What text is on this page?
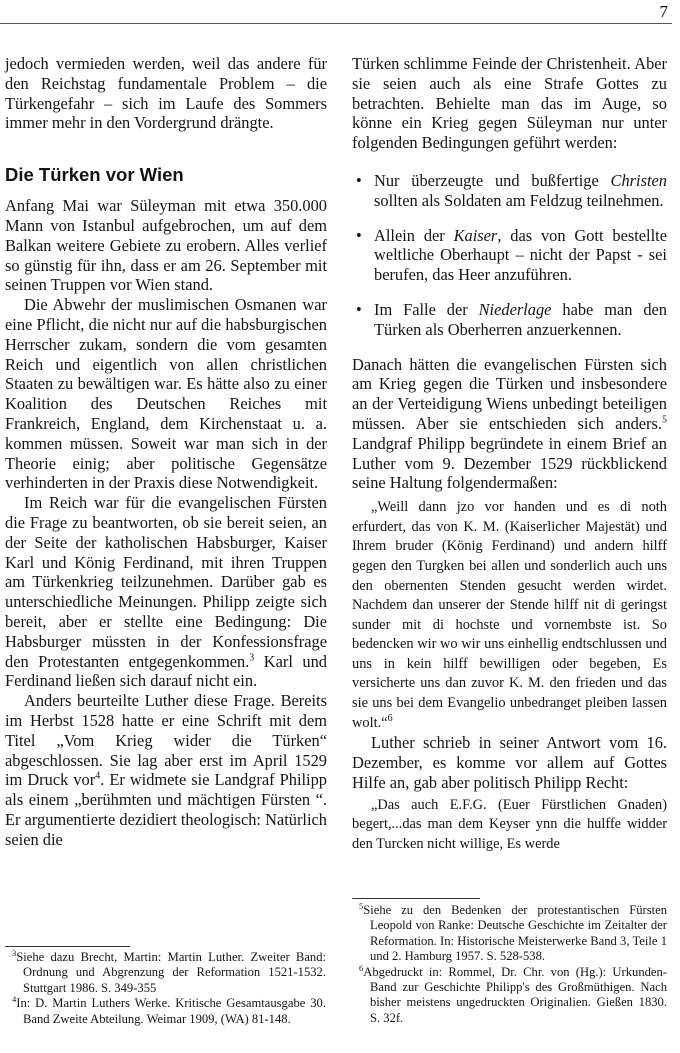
7

jedoch vermieden werden, weil das andere für den Reichstag fundamentale Problem – die Türkengefahr – sich im Laufe des Sommers immer mehr in den Vordergrund drängte.

Die Türken vor Wien

Anfang Mai war Süleyman mit etwa 350.000 Mann von Istanbul aufgebrochen, um auf dem Balkan weitere Gebiete zu erobern. Alles verlief so günstig für ihn, dass er am 26. September mit seinen Truppen vor Wien stand.

Die Abwehr der muslimischen Osmanen war eine Pflicht, die nicht nur auf die habsburgischen Herrscher zukam, sondern die vom gesamten Reich und eigentlich von allen christlichen Staaten zu bewältigen war. Es hätte also zu einer Koalition des Deutschen Reiches mit Frankreich, England, dem Kirchenstaat u. a. kommen müssen. Soweit war man sich in der Theorie einig; aber politische Gegensätze verhinderten in der Praxis diese Notwendigkeit.

Im Reich war für die evangelischen Fürsten die Frage zu beantworten, ob sie bereit seien, an der Seite der katholischen Habsburger, Kaiser Karl und König Ferdinand, mit ihren Truppen am Türkenkrieg teilzunehmen. Darüber gab es unterschiedliche Meinungen. Philipp zeigte sich bereit, aber er stellte eine Bedingung: Die Habsburger müssten in der Konfessionsfrage den Protestanten entgegenkommen.$^3$ Karl und Ferdinand ließen sich darauf nicht ein.

Anders beurteilte Luther diese Frage. Bereits im Herbst 1528 hatte er eine Schrift mit dem Titel „Vom Krieg wider die Türken“ abgeschlossen. Sie lag aber erst im April 1529 im Druck vor$^4$. Er widmete sie Landgraf Philipp als einem „berühmten und mächtigen Fürsten “. Er argumentierte dezidiert theologisch: Natürlich seien die

Türken schlimme Feinde der Christenheit. Aber sie seien auch als eine Strafe Gottes zu betrachten. Behielte man das im Auge, so könne ein Krieg gegen Süleyman nur unter folgenden Bedingungen geführt werden:

• Nur überzeugte und bußfertige Christen sollten als Soldaten am Feldzug teilnehmen.
• Allein der Kaiser, das von Gott bestellte weltliche Oberhaupt – nicht der Papst - sei berufen, das Heer anzuführen.
• Im Falle der Niederlage habe man den Türken als Oberherren anzuerkennen.

Danach hätten die evangelischen Fürsten sich am Krieg gegen die Türken und insbesondere an der Verteidigung Wiens unbedingt beteiligen müssen. Aber sie entschieden sich anders.$^5$ Landgraf Philipp begründete in einem Brief an Luther vom 9. Dezember 1529 rückblickend seine Haltung folgendermaßen:

„Weill dann jzo vor handen und es di noth erfurdert, das von K. M. (Kaiserlicher Majestät) und Ihrem bruder (König Ferdinand) und andern hilff gegen den Turgken bei allen und sonderlich auch uns den obernenten Stenden gesucht werden wirdet. Nachdem dan unserer der Stende hilff nit di geringst sunder mit di hochste und vornembste ist. So bedencken wir wo wir uns einhellig endtschlussen und uns in kein hilff bewilligen oder begeben, Es versicherte uns dan zuvor K. M. den frieden und das sie uns bei dem Evangelio unbedranget pleiben lassen wolt.“$^6$

Luther schrieb in seiner Antwort vom 16. Dezember, es komme vor allem auf Gottes Hilfe an, gab aber politisch Philipp Recht:

„Das auch E.F.G. (Euer Fürstlichen Gnaden) begert,...das man dem Keyser ynn die hulffe widder den Turcken nicht willige, Es werde

$^3$Siehe dazu Brecht, Martin: Martin Luther. Zweiter Band: Ordnung und Abgrenzung der Reformation 1521-1532. Stuttgart 1986. S. 349-355

$^4$In: D. Martin Luthers Werke. Kritische Gesamtausgabe 30. Band Zweite Abteilung. Weimar 1909, (WA) 81-148.

$^5$Siehe zu den Bedenken der protestantischen Fürsten Leopold von Ranke: Deutsche Geschichte im Zeitalter der Reformation. In: Historische Meisterwerke Band 3, Teile 1 und 2. Hamburg 1957. S. 528-538.

$^6$Abgedruckt in: Rommel, Dr. Chr. von (Hg.): Urkunden-Band zur Geschichte Philipp's des Großmüthigen. Nach bisher meistens ungedruckten Originalien. Gießen 1830. S. 32f.
